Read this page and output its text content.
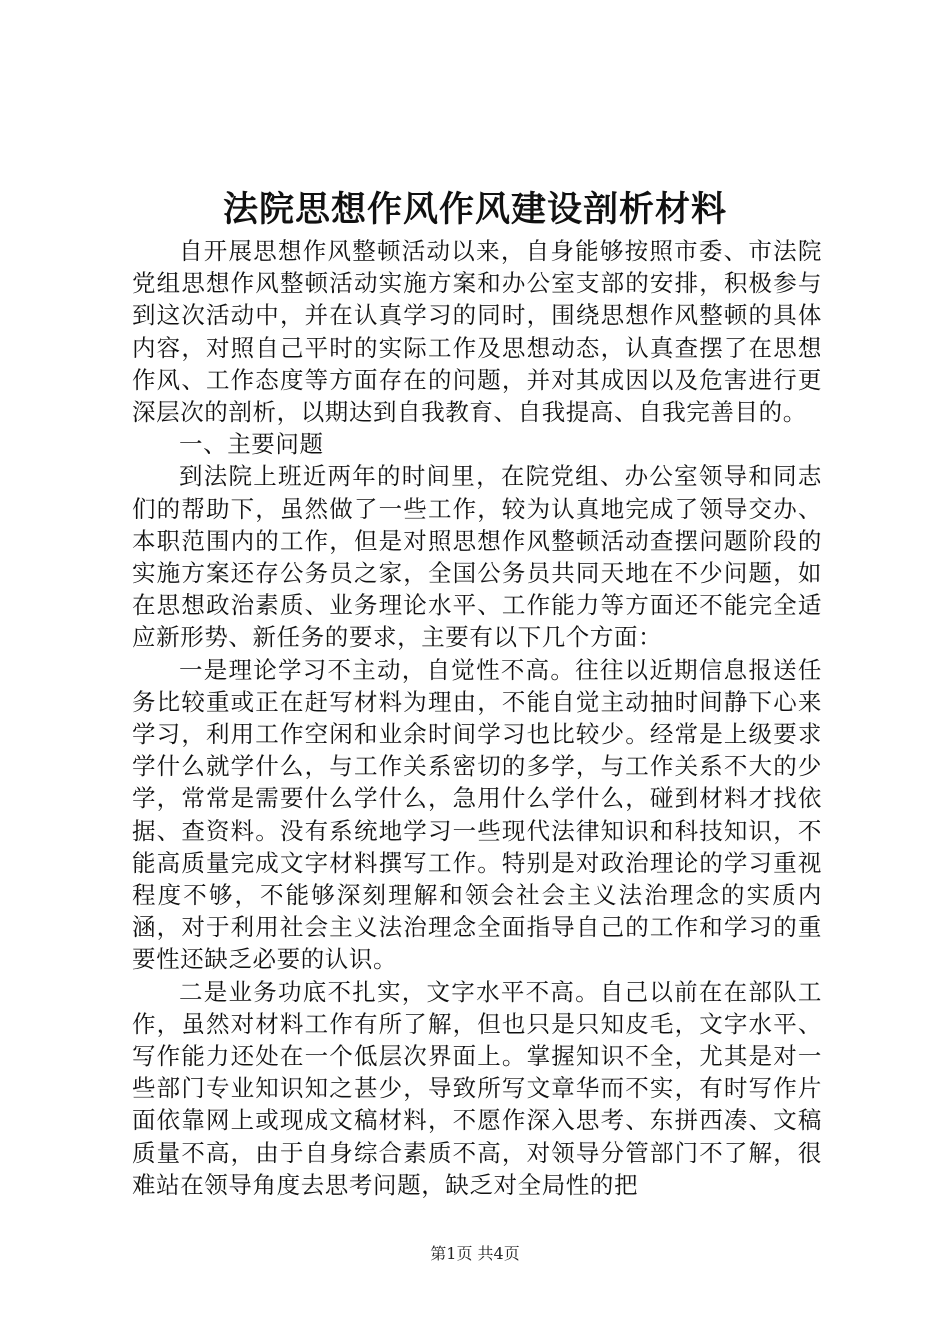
法院思想作风作风建设剖析材料

自开展思想作风整顿活动以来，自身能够按照市委、市法院党组思想作风整顿活动实施方案和办公室支部的安排，积极参与到这次活动中，并在认真学习的同时，围绕思想作风整顿的具体内容，对照自己平时的实际工作及思想动态，认真查摆了在思想作风、工作态度等方面存在的问题，并对其成因以及危害进行更深层次的剖析，以期达到自我教育、自我提高、自我完善目的。

一、主要问题

到法院上班近两年的时间里，在院党组、办公室领导和同志们的帮助下，虽然做了一些工作，较为认真地完成了领导交办、本职范围内的工作，但是对照思想作风整顿活动查摆问题阶段的实施方案还存公务员之家，全国公务员共同天地在不少问题，如在思想政治素质、业务理论水平、工作能力等方面还不能完全适应新形势、新任务的要求，主要有以下几个方面：

一是理论学习不主动，自觉性不高。往往以近期信息报送任务比较重或正在赶写材料为理由，不能自觉主动抽时间静下心来学习，利用工作空闲和业余时间学习也比较少。经常是上级要求学什么就学什么，与工作关系密切的多学，与工作关系不大的少学，常常是需要什么学什么，急用什么学什么，碰到材料才找依据、查资料。没有系统地学习一些现代法律知识和科技知识，不能高质量完成文字材料撰写工作。特别是对政治理论的学习重视程度不够，不能够深刻理解和领会社会主义法治理念的实质内涵，对于利用社会主义法治理念全面指导自己的工作和学习的重要性还缺乏必要的认识。

二是业务功底不扎实，文字水平不高。自己以前在在部队工作，虽然对材料工作有所了解，但也只是只知皮毛，文字水平、写作能力还处在一个低层次界面上。掌握知识不全，尤其是对一些部门专业知识知之甚少，导致所写文章华而不实，有时写作片面依靠网上或现成文稿材料，不愿作深入思考、东拼西凑、文稿质量不高，由于自身综合素质不高，对领导分管部门不了解，很难站在领导角度去思考问题，缺乏对全局性的把

第1页 共4页
